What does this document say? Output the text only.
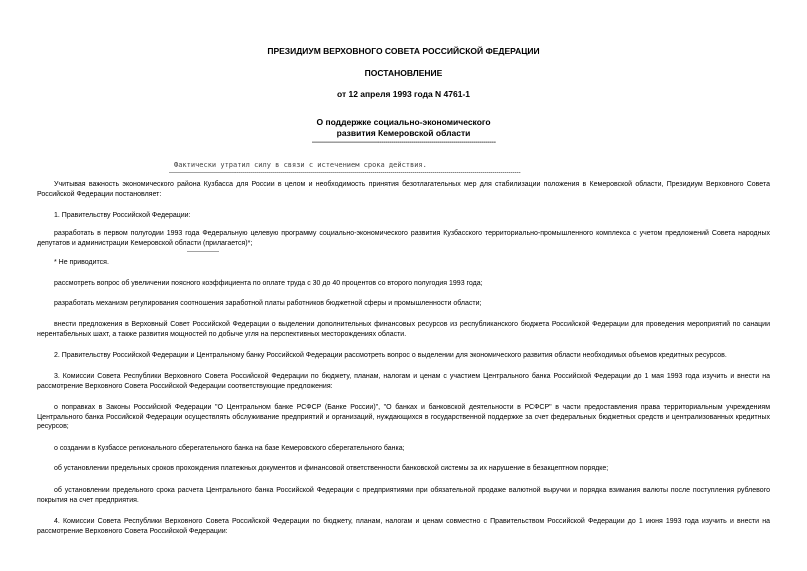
ПРЕЗИДИУМ ВЕРХОВНОГО СОВЕТА РОССИЙСКОЙ ФЕДЕРАЦИИ
ПОСТАНОВЛЕНИЕ
от 12 апреля 1993 года N 4761-1
О поддержке социально-экономического
развития Кемеровской области
--------------------------------------------------------------------------------------------
Фактически утратил силу в связи с истечением срока действия.
--------------------------------------------------------------------------------------------------------------------------------------------------------------------------------

Учитывая важность экономического района Кузбасса для России в целом и необходимость принятия безотлагательных мер для стабилизации положения в Кемеровской области, Президиум Верховного Совета Российской Федерации постановляет:

1. Правительству Российской Федерации:

разработать в первом полугодии 1993 года Федеральную целевую программу социально-экономического развития Кузбасского территориально-промышленного комплекса с учетом предложений Совета народных депутатов и администрации Кемеровской области (прилагается)*;

----------------

* Не приводится.

рассмотреть вопрос об увеличении поясного коэффициента по оплате труда с 30 до 40 процентов со второго полугодия 1993 года;

разработать механизм регулирования соотношения заработной платы работников бюджетной сферы и промышленности области;

внести предложения в Верховный Совет Российской Федерации о выделении дополнительных финансовых ресурсов из республиканского бюджета Российской Федерации для проведения мероприятий по санации нерентабельных шахт, а также развития мощностей по добыче угля на перспективных месторождениях области.

2. Правительству Российской Федерации и Центральному банку Российской Федерации рассмотреть вопрос о выделении для экономического развития области необходимых объемов кредитных ресурсов.

3. Комиссии Совета Республики Верховного Совета Российской Федерации по бюджету, планам, налогам и ценам с участием Центрального банка Российской Федерации до 1 мая 1993 года изучить и внести на рассмотрение Верховного Совета Российской Федерации соответствующие предложения:

о поправках в Законы Российской Федерации "О Центральном банке РСФСР (Банке России)", "О банках и банковской деятельности в РСФСР" в части предоставления права территориальным учреждениям Центрального банка Российской Федерации осуществлять обслуживание предприятий и организаций, нуждающихся в государственной поддержке за счет федеральных бюджетных средств и централизованных кредитных ресурсов;

о создании в Кузбассе регионального сберегательного банка на базе Кемеровского сберегательного банка;

об установлении предельных сроков прохождения платежных документов и финансовой ответственности банковской системы за их нарушение в безакцептном порядке;

об установлении предельного срока расчета Центрального банка Российской Федерации с предприятиями при обязательной продаже валютной выручки и порядка взимания валюты после поступления рублевого покрытия на счет предприятия.

4. Комиссии Совета Республики Верховного Совета Российской Федерации по бюджету, планам, налогам и ценам совместно с Правительством Российской Федерации до 1 июня 1993 года изучить и внести на рассмотрение Верховного Совета Российской Федерации:
